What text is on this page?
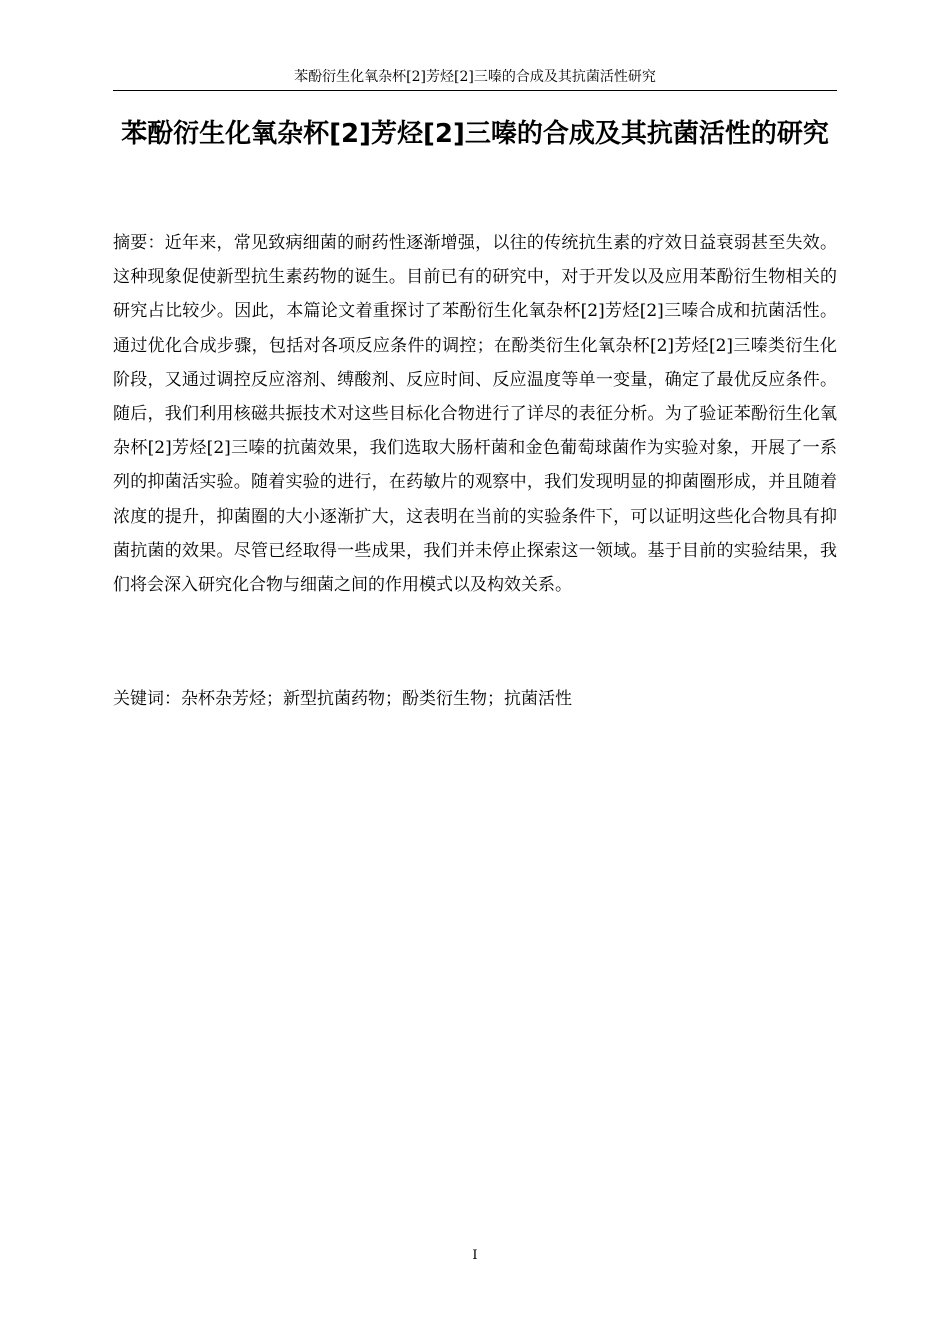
苯酚衍生化氧杂杯[2]芳烃[2]三嗪的合成及其抗菌活性研究
苯酚衍生化氧杂杯[2]芳烃[2]三嗪的合成及其抗菌活性的研究

摘要：近年来，常见致病细菌的耐药性逐渐增强，以往的传统抗生素的疗效日益衰弱甚至失效。这种现象促使新型抗生素药物的诞生。目前已有的研究中，对于开发以及应用苯酚衍生物相关的研究占比较少。因此，本篇论文着重探讨了苯酚衍生化氧杂杯[2]芳烃[2]三嗪合成和抗菌活性。通过优化合成步骤，包括对各项反应条件的调控；在酚类衍生化氧杂杯[2]芳烃[2]三嗪类衍生化阶段，又通过调控反应溶剂、缚酸剂、反应时间、反应温度等单一变量，确定了最优反应条件。随后，我们利用核磁共振技术对这些目标化合物进行了详尽的表征分析。为了验证苯酚衍生化氧杂杯[2]芳烃[2]三嗪的抗菌效果，我们选取大肠杆菌和金色葡萄球菌作为实验对象，开展了一系列的抑菌活实验。随着实验的进行，在药敏片的观察中，我们发现明显的抑菌圈形成，并且随着浓度的提升，抑菌圈的大小逐渐扩大，这表明在当前的实验条件下，可以证明这些化合物具有抑菌抗菌的效果。尽管已经取得一些成果，我们并未停止探索这一领域。基于目前的实验结果，我们将会深入研究化合物与细菌之间的作用模式以及构效关系。

关键词：杂杯杂芳烃；新型抗菌药物；酚类衍生物；抗菌活性

I
